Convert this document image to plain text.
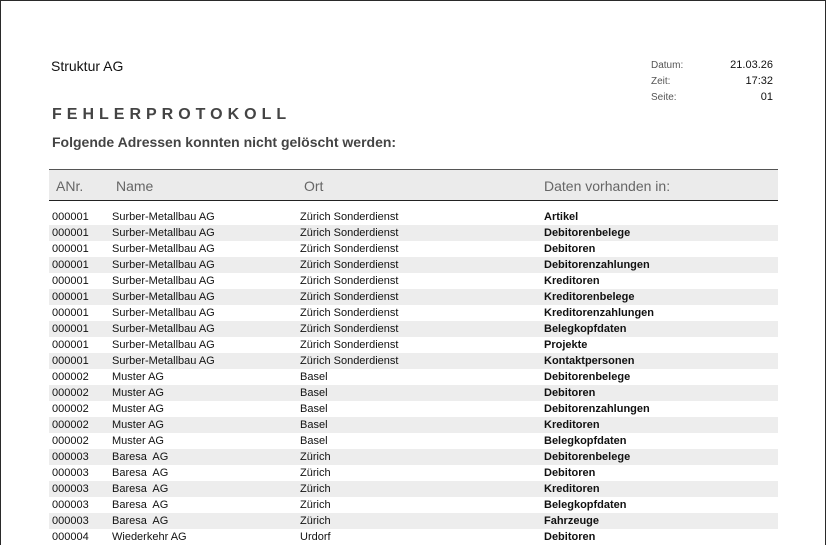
Struktur AG	Datum:	21.03.26
Zeit:	17:32
Seite:	01
FEHLERPROTOKOLL
Folgende Adressen konnten nicht gelöscht werden:
ANr. Name	Ort	Daten vorhanden in:
000001 Surber-Metallbau AG	Zürich Sonderdienst	Artikel
000001 Surber-Metallbau AG	Zürich Sonderdienst	Debitorenbelege
000001 Surber-Metallbau AG	Zürich Sonderdienst	Debitoren
000001 Surber-Metallbau AG	Zürich Sonderdienst	Debitorenzahlungen
000001 Surber-Metallbau AG	Zürich Sonderdienst	Kreditoren
000001 Surber-Metallbau AG	Zürich Sonderdienst	Kreditorenbelege
000001 Surber-Metallbau AG	Zürich Sonderdienst	Kreditorenzahlungen
000001 Surber-Metallbau AG	Zürich Sonderdienst	Belegkopfdaten
000001 Surber-Metallbau AG	Zürich Sonderdienst	Projekte
000001 Surber-Metallbau AG	Zürich Sonderdienst	Kontaktpersonen
000002 Muster AG	Basel	Debitorenbelege
000002 Muster AG	Basel	Debitoren
000002 Muster AG	Basel	Debitorenzahlungen
000002 Muster AG	Basel	Kreditoren
000002 Muster AG	Basel	Belegkopfdaten
000003 Baresa  AG	Zürich	Debitorenbelege
000003 Baresa  AG	Zürich	Debitoren
000003 Baresa  AG	Zürich	Kreditoren
000003 Baresa  AG	Zürich	Belegkopfdaten
000003 Baresa  AG	Zürich	Fahrzeuge
000004 Wiederkehr AG	Urdorf	Debitoren
